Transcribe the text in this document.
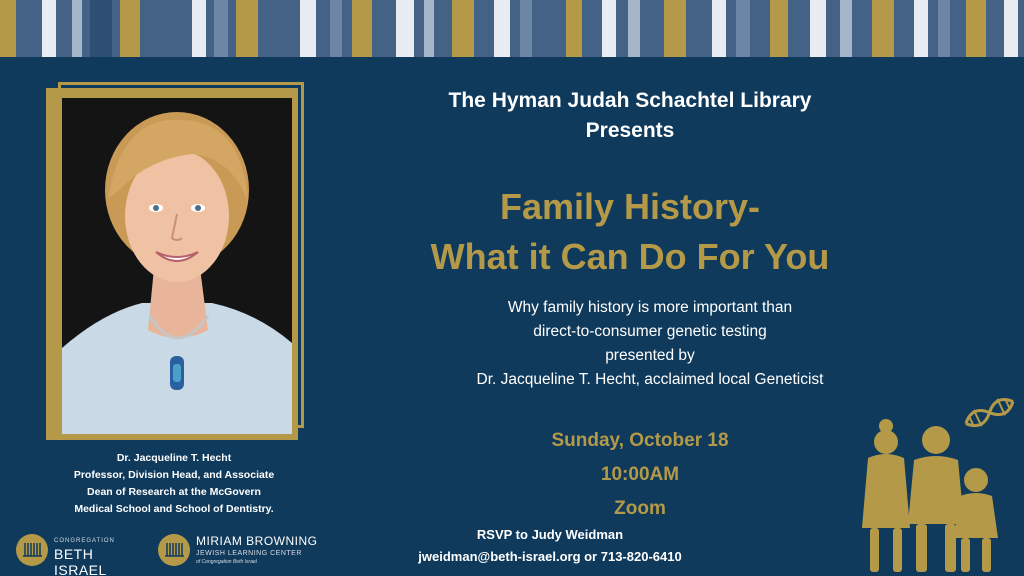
Dr. Jacqueline T. Hecht
Professor, Division Head, and Associate
Dean of Research at the McGovern
Medical School and School of Dentistry.
CONGREGATION
BETH ISRAEL
MIRIAM BROWNING
JEWISH LEARNING CENTER
of Congregation Beth Israel
The Hyman Judah Schachtel Library
Presents
Family History-
What it Can Do For You
Why family history is more important than
direct-to-consumer genetic testing
presented by
Dr. Jacqueline T. Hecht, acclaimed local Geneticist
Sunday, October 18
10:00AM
Zoom
RSVP to Judy Weidman
jweidman@beth-israel.org or 713-820-6410
